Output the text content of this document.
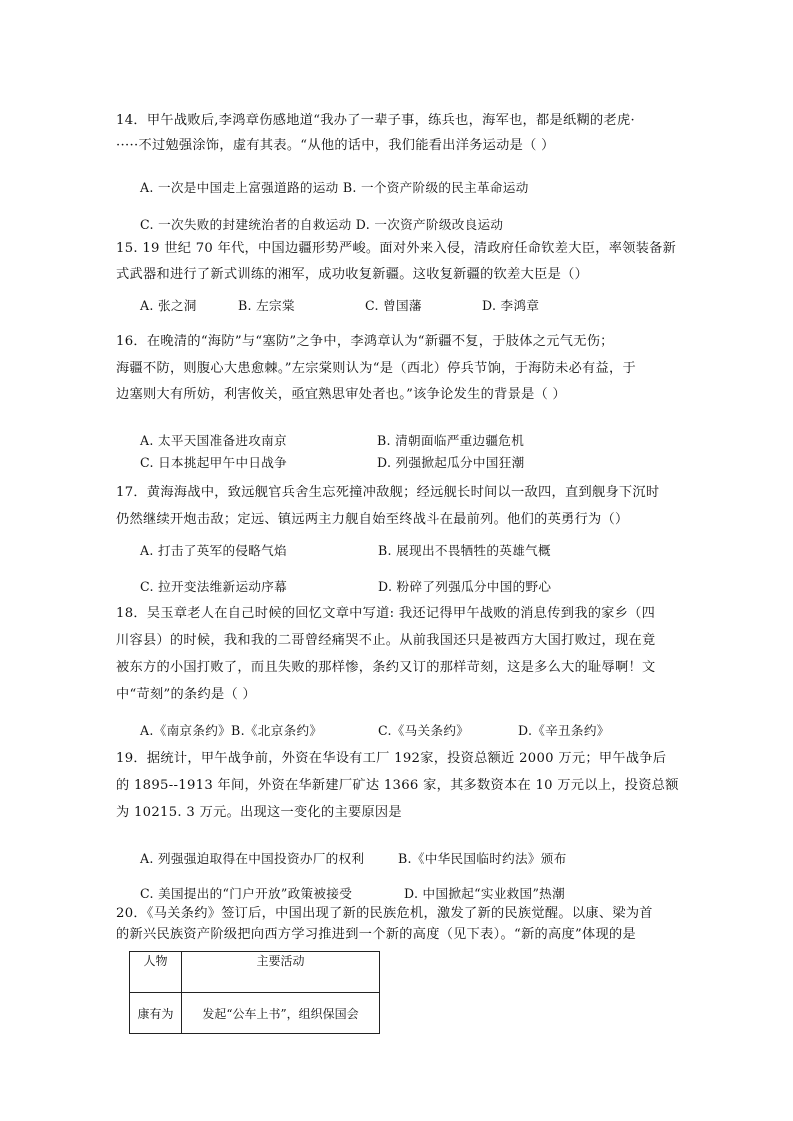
14．甲午战败后,李鸿章伤感地道“我办了一辈子事，练兵也，海军也，都是纸糊的老虎·
·····不过勉强涂饰，虚有其表。“从他的话中，我们能看出洋务运动是（ ）
A. 一次是中国走上富强道路的运动 B. 一个资产阶级的民主革命运动
C. 一次失败的封建统治者的自救运动 D. 一次资产阶级改良运动
15. 19 世纪 70 年代，中国边疆形势严峻。面对外来入侵，清政府任命钦差大臣，率领装备新
式武器和进行了新式训练的湘军，成功收复新疆。这收复新疆的钦差大臣是（）
A. 张之洞	B. 左宗棠	C. 曾国藩	D. 李鸿章
16．在晚清的“海防”与“塞防”之争中，李鸿章认为“新疆不复，于肢体之元气无伤；
海疆不防，则腹心大患愈棘。”左宗棠则认为“是（西北）停兵节饷，于海防未必有益，于
边塞则大有所妨，利害攸关，亟宜熟思审处者也。”该争论发生的背景是（ ）
A. 太平天国准备进攻南京	B. 清朝面临严重边疆危机
C. 日本挑起甲午中日战争	D. 列强掀起瓜分中国狂潮
17．黄海海战中，致远舰官兵舍生忘死撞冲敌舰；经远舰长时间以一敌四，直到舰身下沉时
仍然继续开炮击敌；定远、镇远两主力舰自始至终战斗在最前列。他们的英勇行为（）
A. 打击了英军的侵略气焰	B. 展现出不畏牺牲的英雄气概
C. 拉开变法维新运动序幕	D. 粉碎了列强瓜分中国的野心
18．吴玉章老人在自己时候的回忆文章中写道: 我还记得甲午战败的消息传到我的家乡（四
川容县）的时候，我和我的二哥曾经痛哭不止。从前我国还只是被西方大国打败过，现在竟
被东方的小国打败了，而且失败的那样惨，条约又订的那样苛刻，这是多么大的耻辱啊！文
中“苛刻”的条约是（ ）
A.《南京条约》B.《北京条约》	C.《马关条约》	D.《辛丑条约》
19．据统计，甲午战争前，外资在华设有工厂 192家，投资总额近 2000 万元；甲午战争后
的 1895--1913 年间，外资在华新建厂矿达 1366 家，其多数资本在 10 万元以上，投资总额
为 10215. 3 万元。出现这一变化的主要原因是
A. 列强强迫取得在中国投资办厂的权利	B.《中华民国临时约法》颁布
C. 美国提出的“门户开放”政策被接受	D. 中国掀起“实业救国”热潮
20．《马关条约》签订后，中国出现了新的民族危机，激发了新的民族觉醒。以康、梁为首
的新兴民族资产阶级把向西方学习推进到一个新的高度（见下表）。“新的高度”体现的是
人物	主要活动
康有为	发起“公车上书”，组织保国会
